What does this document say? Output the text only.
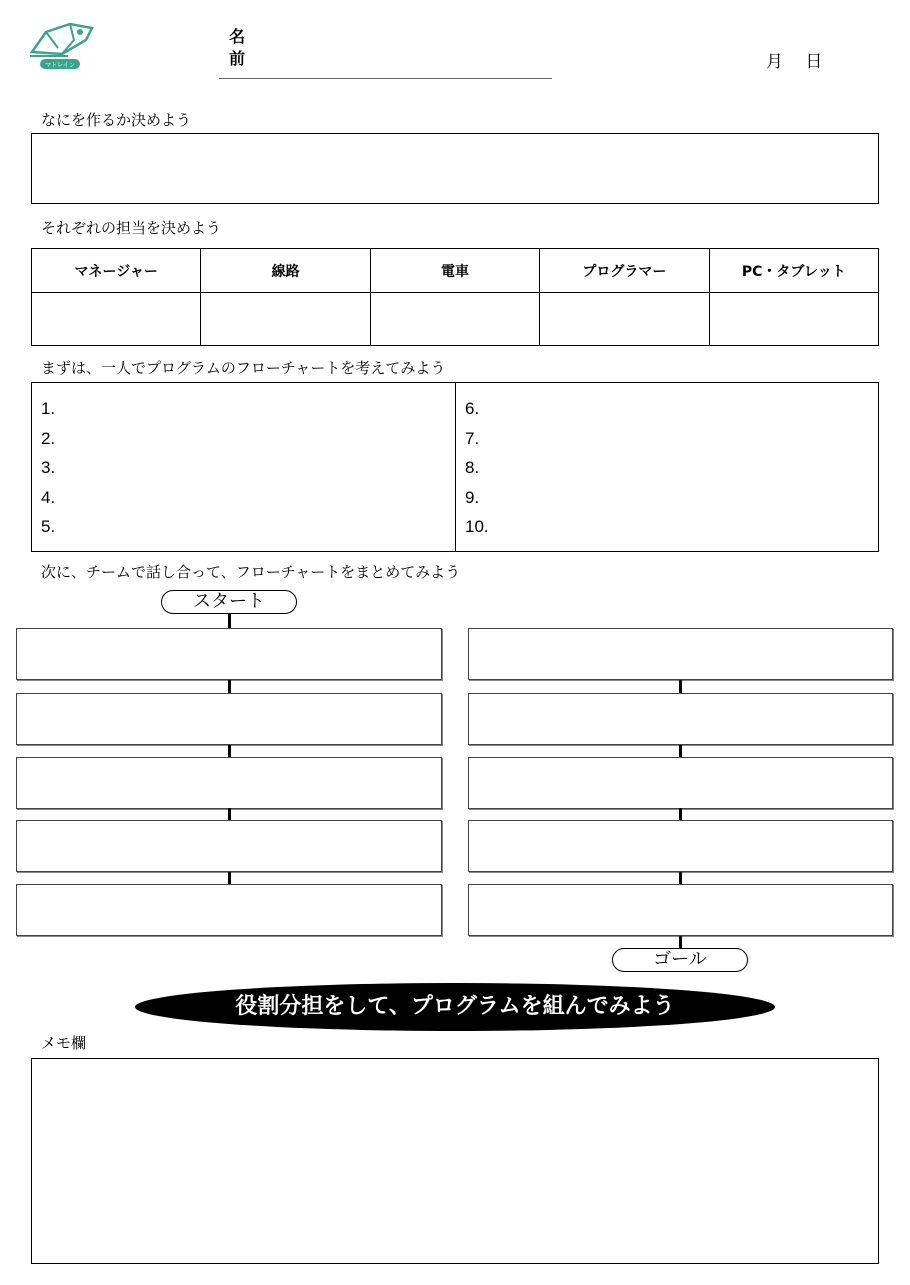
マトレイン
名前	月　 日
なにを作るか決めよう
それぞれの担当を決めよう
マネージャー	線路	電車	プログラマー	PC・タブレット

まずは、一人でプログラムのフローチャートを考えてみよう
1.
2.
3.
4.
5.
6.
7.
8.
9.
10.
次に、チームで話し合って、フローチャートをまとめてみよう
スタート
ゴール
役割分担をして、プログラムを組んでみよう
メモ欄
